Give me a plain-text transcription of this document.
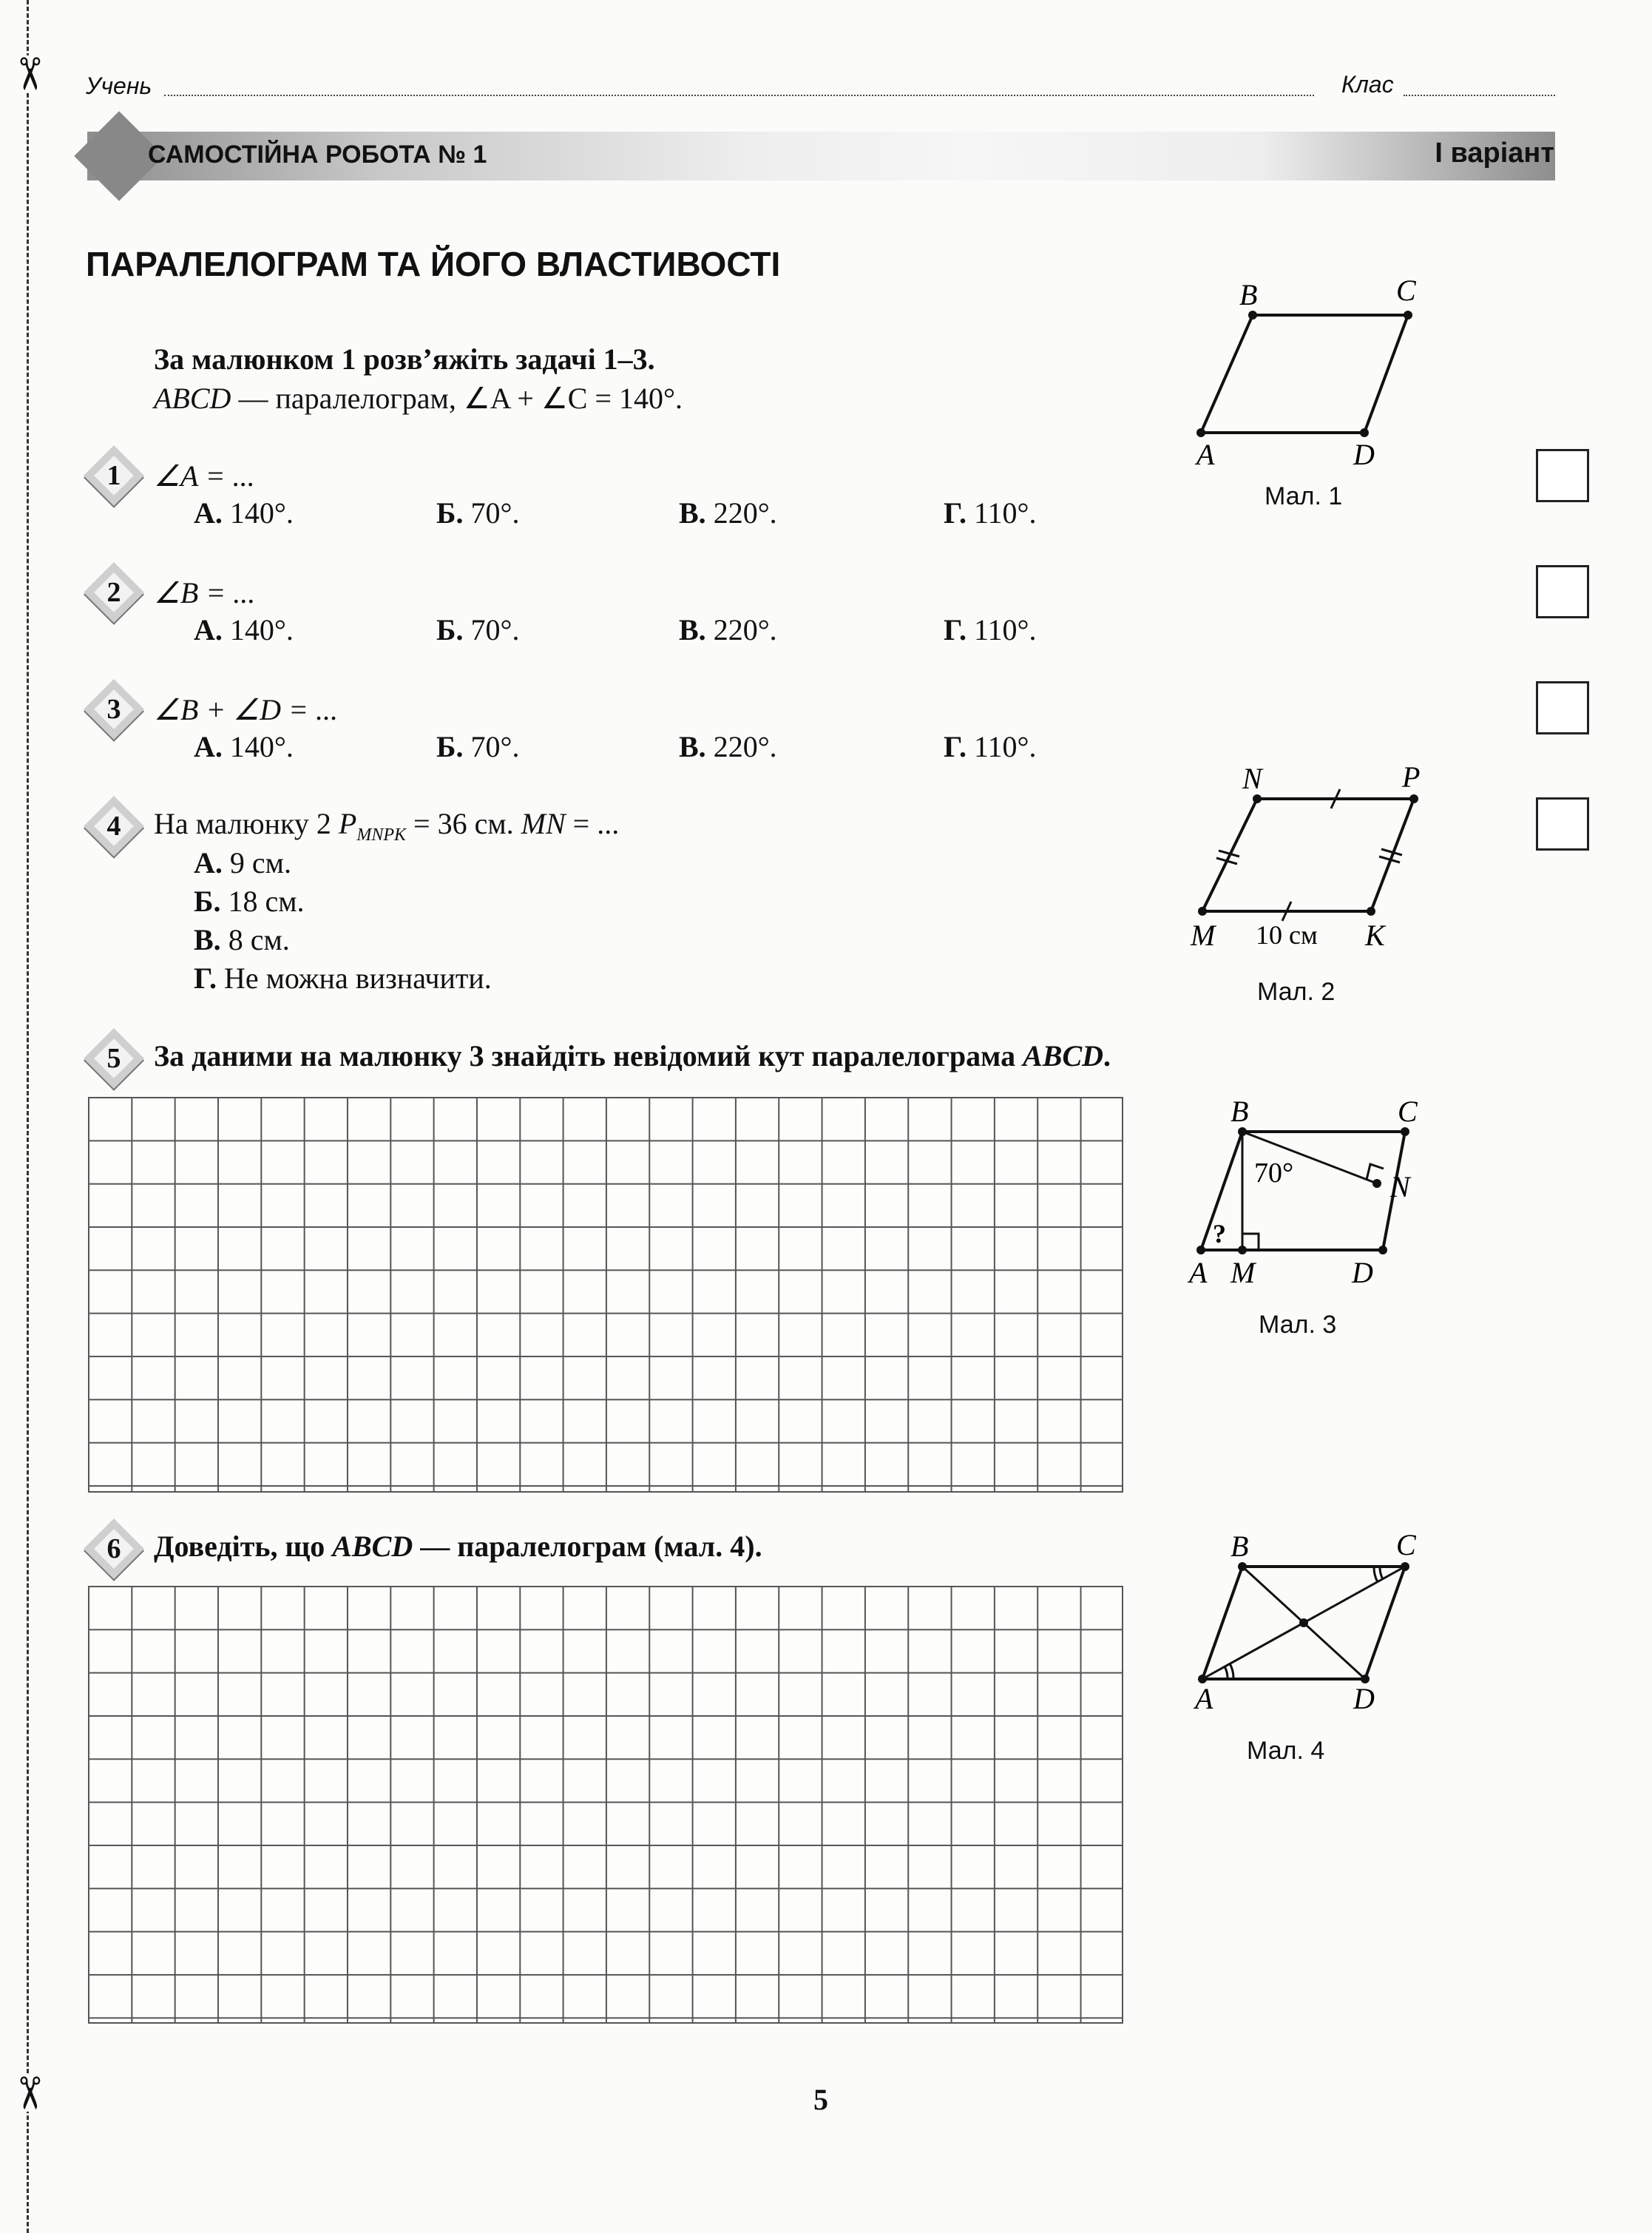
✂
✂
Учень	Клас
САМОСТІЙНА РОБОТА № 1	І варіант
ПАРАЛЕЛОГРАМ ТА ЙОГО ВЛАСТИВОСТІ
За малюнком 1 розв’яжіть задачі 1–3.
ABCD — паралелограм, ∠A + ∠C = 140°.
1	∠A = ...
А. 140°.	Б. 70°.	В. 220°.	Г. 110°.
2	∠B = ...
А. 140°.	Б. 70°.	В. 220°.	Г. 110°.
3	∠B + ∠D = ...
А. 140°.	Б. 70°.	В. 220°.	Г. 110°.
4	На малюнку 2 $P_{MNPK} = 36$ см. MN = ...
А. 9 см.
Б. 18 см.
В. 8 см.
Г. Не можна визначити.
5	За даними на малюнку 3 знайдіть невідомий кут паралелограма ABCD.
6	Доведіть, що ABCD — паралелограм (мал. 4).
B	C
A	D
Мал. 1
N	P
M	K
10 см
Мал. 2
B	C
N
A M	D
70°
?
Мал. 3
B	C
A	D
Мал. 4
5
